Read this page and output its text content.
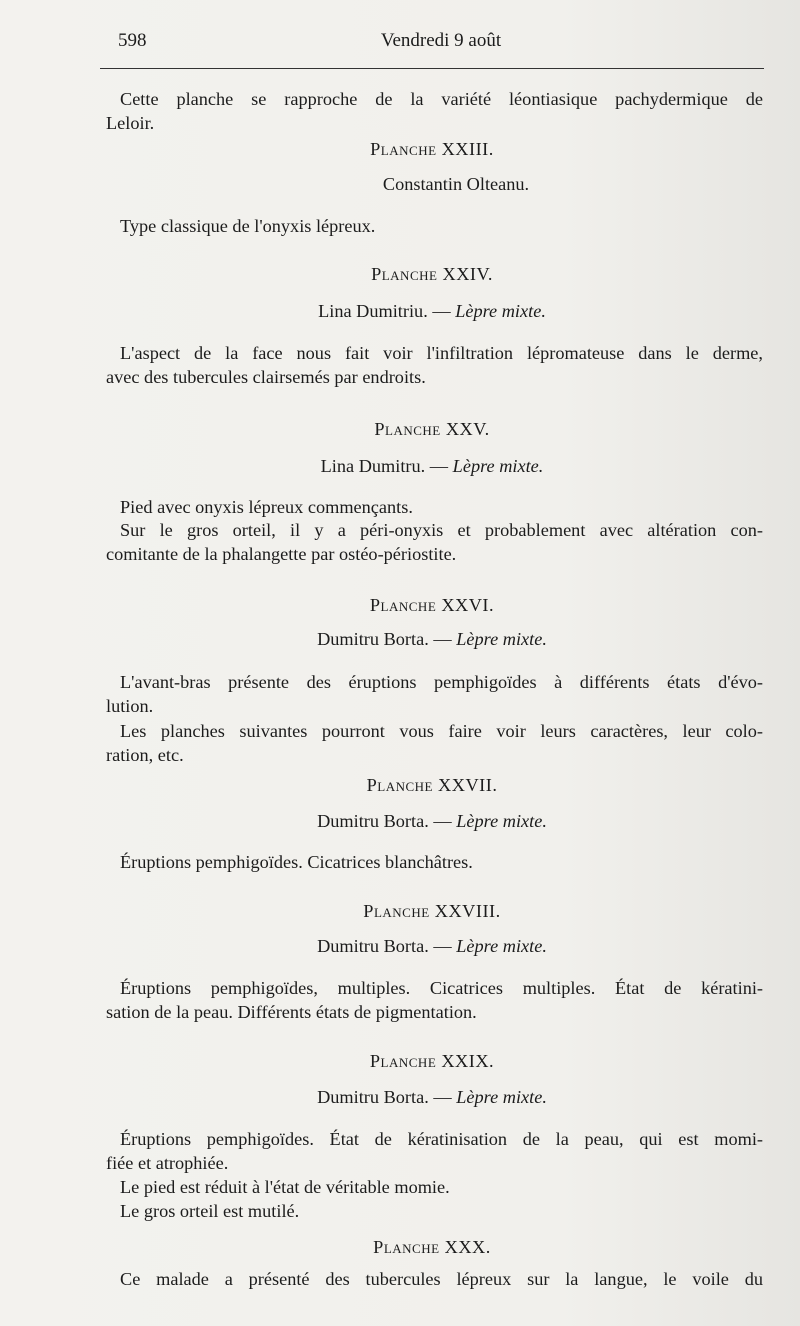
598	Vendredi 9 août
Cette planche se rapproche de la variété léontiasique pachydermique de
Leloir.
Planche XXIII.
Constantin Olteanu.
Type classique de l'onyxis lépreux.
Planche XXIV.
Lina Dumitriu. — Lèpre mixte.
L'aspect de la face nous fait voir l'infiltration lépromateuse dans le derme,
avec des tubercules clairsemés par endroits.
Planche XXV.
Lina Dumitru. — Lèpre mixte.
Pied avec onyxis lépreux commençants.
Sur le gros orteil, il y a péri-onyxis et probablement avec altération con-
comitante de la phalangette par ostéo-périostite.
Planche XXVI.
Dumitru Borta. — Lèpre mixte.
L'avant-bras présente des éruptions pemphigoïdes à différents états d'évo-
lution.
Les planches suivantes pourront vous faire voir leurs caractères, leur colo-
ration, etc.
Planche XXVII.
Dumitru Borta. — Lèpre mixte.
Éruptions pemphigoïdes. Cicatrices blanchâtres.
Planche XXVIII.
Dumitru Borta. — Lèpre mixte.
Éruptions pemphigoïdes, multiples. Cicatrices multiples. État de kératini-
sation de la peau. Différents états de pigmentation.
Planche XXIX.
Dumitru Borta. — Lèpre mixte.
Éruptions pemphigoïdes. État de kératinisation de la peau, qui est momi-
fiée et atrophiée.
Le pied est réduit à l'état de véritable momie.
Le gros orteil est mutilé.
Planche XXX.
Ce malade a présenté des tubercules lépreux sur la langue, le voile du
